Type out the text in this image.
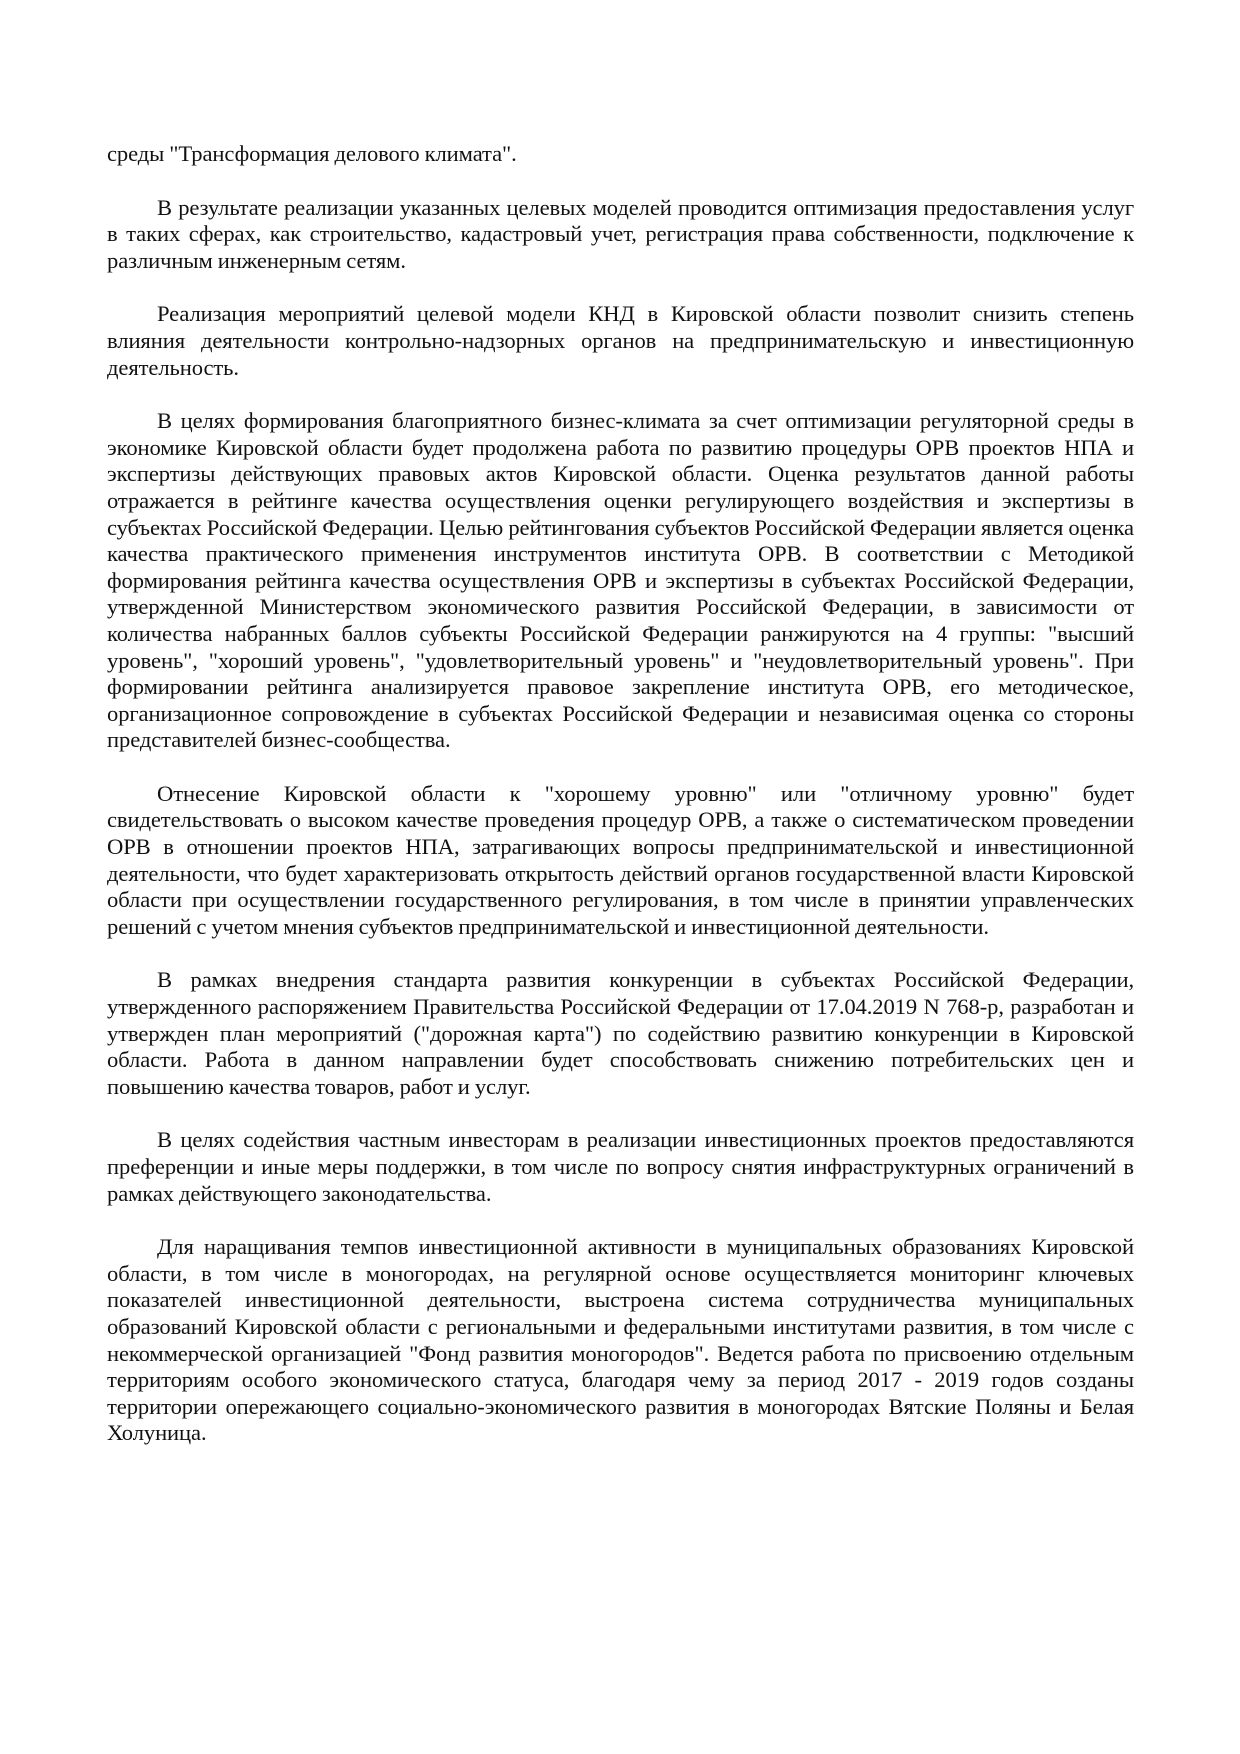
среды "Трансформация делового климата".

В результате реализации указанных целевых моделей проводится оптимизация предоставления услуг в таких сферах, как строительство, кадастровый учет, регистрация права собственности, подключение к различным инженерным сетям.

Реализация мероприятий целевой модели КНД в Кировской области позволит снизить степень влияния деятельности контрольно-надзорных органов на предпринимательскую и инвестиционную деятельность.

В целях формирования благоприятного бизнес-климата за счет оптимизации регуляторной среды в экономике Кировской области будет продолжена работа по развитию процедуры ОРВ проектов НПА и экспертизы действующих правовых актов Кировской области. Оценка результатов данной работы отражается в рейтинге качества осуществления оценки регулирующего воздействия и экспертизы в субъектах Российской Федерации. Целью рейтингования субъектов Российской Федерации является оценка качества практического применения инструментов института ОРВ. В соответствии с Методикой формирования рейтинга качества осуществления ОРВ и экспертизы в субъектах Российской Федерации, утвержденной Министерством экономического развития Российской Федерации, в зависимости от количества набранных баллов субъекты Российской Федерации ранжируются на 4 группы: "высший уровень", "хороший уровень", "удовлетворительный уровень" и "неудовлетворительный уровень". При формировании рейтинга анализируется правовое закрепление института ОРВ, его методическое, организационное сопровождение в субъектах Российской Федерации и независимая оценка со стороны представителей бизнес-сообщества.

Отнесение Кировской области к "хорошему уровню" или "отличному уровню" будет свидетельствовать о высоком качестве проведения процедур ОРВ, а также о систематическом проведении ОРВ в отношении проектов НПА, затрагивающих вопросы предпринимательской и инвестиционной деятельности, что будет характеризовать открытость действий органов государственной власти Кировской области при осуществлении государственного регулирования, в том числе в принятии управленческих решений с учетом мнения субъектов предпринимательской и инвестиционной деятельности.

В рамках внедрения стандарта развития конкуренции в субъектах Российской Федерации, утвержденного распоряжением Правительства Российской Федерации от 17.04.2019 N 768-р, разработан и утвержден план мероприятий ("дорожная карта") по содействию развитию конкуренции в Кировской области. Работа в данном направлении будет способствовать снижению потребительских цен и повышению качества товаров, работ и услуг.

В целях содействия частным инвесторам в реализации инвестиционных проектов предоставляются преференции и иные меры поддержки, в том числе по вопросу снятия инфраструктурных ограничений в рамках действующего законодательства.

Для наращивания темпов инвестиционной активности в муниципальных образованиях Кировской области, в том числе в моногородах, на регулярной основе осуществляется мониторинг ключевых показателей инвестиционной деятельности, выстроена система сотрудничества муниципальных образований Кировской области с региональными и федеральными институтами развития, в том числе с некоммерческой организацией "Фонд развития моногородов". Ведется работа по присвоению отдельным территориям особого экономического статуса, благодаря чему за период 2017 - 2019 годов созданы территории опережающего социально-экономического развития в моногородах Вятские Поляны и Белая Холуница.
